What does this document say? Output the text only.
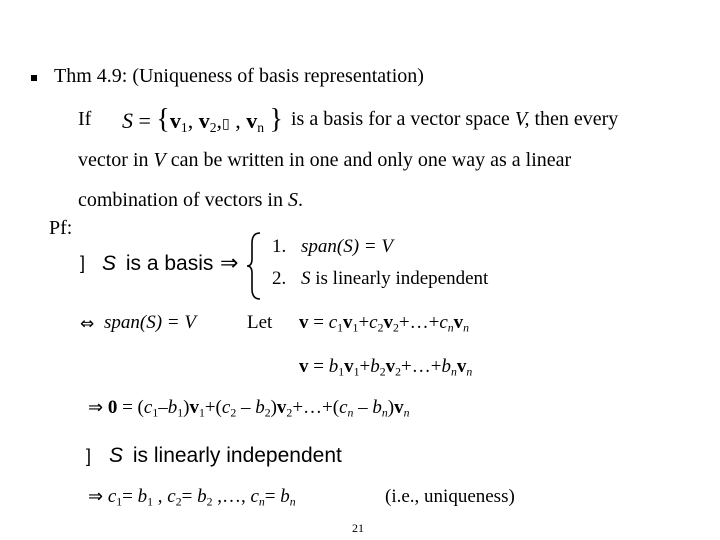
Thm 4.9: (Uniqueness of basis representation)
If $S = \{v_1$, $v_2,▯$ , $v_n$ } is a basis for a vector space V, then every
vector in V can be written in one and only one way as a linear
combination of vectors in S.
Pf:
] S is a basis ⇒
1. span(S) = V
2. S is linearly independent
⇔ span(S) = V	Let $v = c_1v_1+c_2v_2+\dots+c_nv_n$
$v = b_1v_1+b_2v_2+\dots+b_nv_n$
⇒ $0 = (c_1-b_1)v_1+(c_2$ – $b_2)v_2+\dots+(c_n - b_n)v_n$
] S is linearly independent
⇒ $c_1= b_1$ , $c_2= b_2$ ,…, $c_n= b_n$	(i.e., uniqueness)
21
